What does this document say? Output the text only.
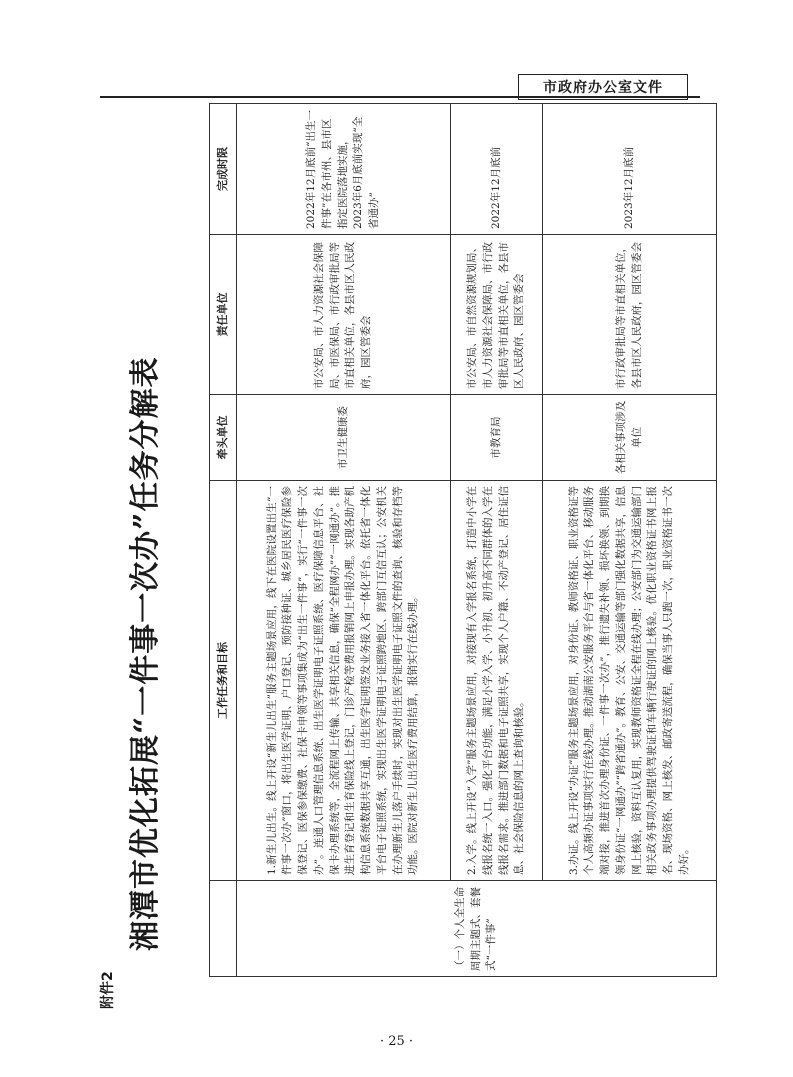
市政府办公室文件
附件2
湘潭市优化拓展“一件事一次办”任务分解表
		工作任务和目标	牵头单位	责任单位	完成时限
（一）个人全生命周期主题式、套餐式“一件事”	1.新生儿出生。线上开设“新生儿出生”服务主题场景应用，线下在医院设置出生“一件事一次办”窗口，将出生医学证明、户口登记、预防接种证、城乡居民医疗保险参保登记、医保参保缴费、社保卡申领等事项集成为“出生一件事”，实行“一件事一次办”。连通人口管理信息系统、出生医学证明电子证照系统、医疗保障信息平台、社保卡办理系统等，全流程网上传输、共享相关信息，确保“全程网办”“一网通办”。推进生育登记和生育保险线上登记，门诊产检等费用报销网上申报办理。实现各助产机构信息系统数据共享互通，出生医学证明签发业务接入省一体化平台。依托省一体化平台电子证照系统，实现出生医学证明电子证照跨地区、跨部门互信互认；公安机关在办理新生儿落户手续时，实现对出生医学证明电子证照文件的查询、核验和存档等功能。医院对新生儿出生医疗费用结算，报销实行在线办理。	市卫生健康委	市公安局、市人力资源社会保障局、市医保局、市行政审批局等市直相关单位，各县市区人民政府，园区管委会	2022年12月底前“出生一件事”在各市州、县市区指定医院落地实施，2023年6月底前实现“全省通办”
	2.入学。线上开设“入学”服务主题场景应用，对接现有入学报名系统，打造中小学在线报名统一入口。强化平台功能，满足小学入学、小升初、初升高不同群体的入学在线报名需求。推进部门数据和电子证照共享，实现个人户籍、不动产登记、居住证信息、社会保险信息的网上查询和核验。	市教育局	市公安局、市自然资源规划局、市人力资源社会保障局、市行政审批局等市直相关单位，各县市区人民政府、园区管委会	2022年12月底前
	3.办证。线上开设“办证”服务主题场景应用，对身份证、教师资格证、职业资格证等个人高频办证事项实行在线办理。推动湖南公安服务平台与省一体化平台、移动服务端对接，推进首次办理身份证、一件事一次办”，推行遗失补领、损坏换领、到期换领身份证“一网通办”“跨省通办”。教育、公安、交通运输等部门强化数据共享，信息网上核验，资料互认复用，实现教师资格证全程在线办理；公安部门为交通运输部门相关政务事项办理提供驾驶证和车辆行驶证的网上核验。优化职业资格证书网上报名、现场资格、网上核发、邮政寄送流程，确保当事人只跑一次，职业资格证书一次办好。	各相关事项涉及单位	市行政审批局等市直相关单位，各县市区人民政府，园区管委会	2023年12月底前
· 25 ·
